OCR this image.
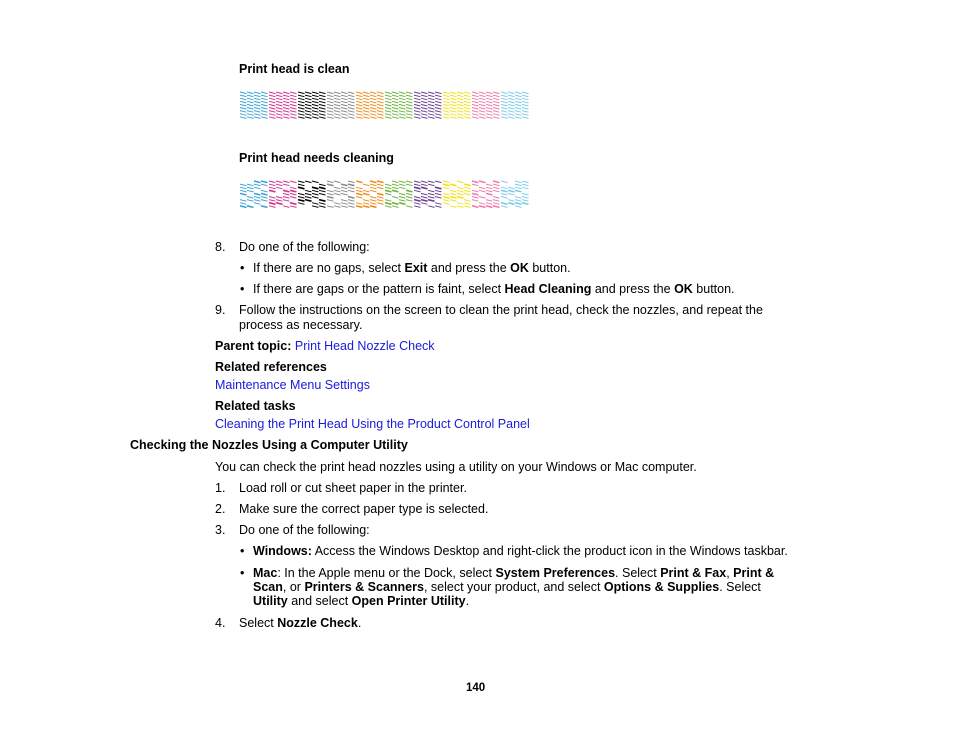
Print head is clean
Print head needs cleaning
8. Do one of the following:
• If there are no gaps, select Exit and press the OK button.
• If there are gaps or the pattern is faint, select Head Cleaning and press the OK button.
9. Follow the instructions on the screen to clean the print head, check the nozzles, and repeat the
process as necessary.
Parent topic: Print Head Nozzle Check
Related references
Maintenance Menu Settings
Related tasks
Cleaning the Print Head Using the Product Control Panel
Checking the Nozzles Using a Computer Utility
You can check the print head nozzles using a utility on your Windows or Mac computer.
1. Load roll or cut sheet paper in the printer.
2. Make sure the correct paper type is selected.
3. Do one of the following:
• Windows: Access the Windows Desktop and right-click the product icon in the Windows taskbar.
• Mac: In the Apple menu or the Dock, select System Preferences. Select Print & Fax, Print &
Scan, or Printers & Scanners, select your product, and select Options & Supplies. Select
Utility and select Open Printer Utility.
4. Select Nozzle Check.
140
